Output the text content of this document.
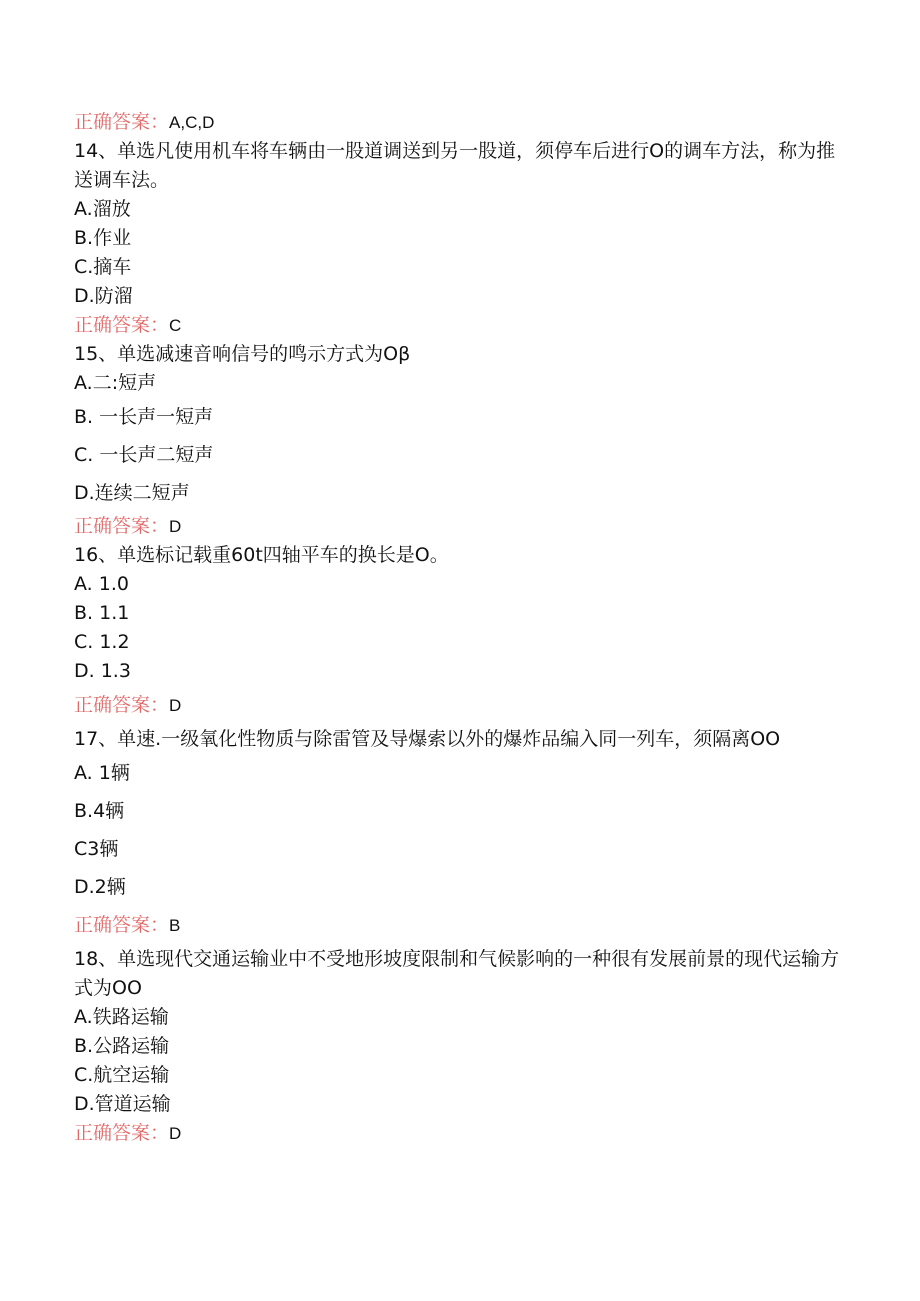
正确答案：A,C,D
14、单选凡使用机车将车辆由一股道调送到另一股道，须停车后进行O的调车方法，称为推送调车法。
A.溜放
B.作业
C.摘车
D.防溜
正确答案：C
15、单选减速音响信号的鸣示方式为Oβ
A.二:短声
B. 一长声一短声
C. 一长声二短声
D.连续二短声
正确答案：D
16、单选标记载重60t四轴平车的换长是O。
A. 1.0
B. 1.1
C. 1.2
D. 1.3
正确答案：D
17、单速.一级氧化性物质与除雷管及导爆索以外的爆炸品编入同一列车，须隔离OO
A. 1辆
B.4辆
C3辆
D.2辆
正确答案：B
18、单选现代交通运输业中不受地形坡度限制和气候影响的一种很有发展前景的现代运输方式为OO
A.铁路运输
B.公路运输
C.航空运输
D.管道运输
正确答案：D
